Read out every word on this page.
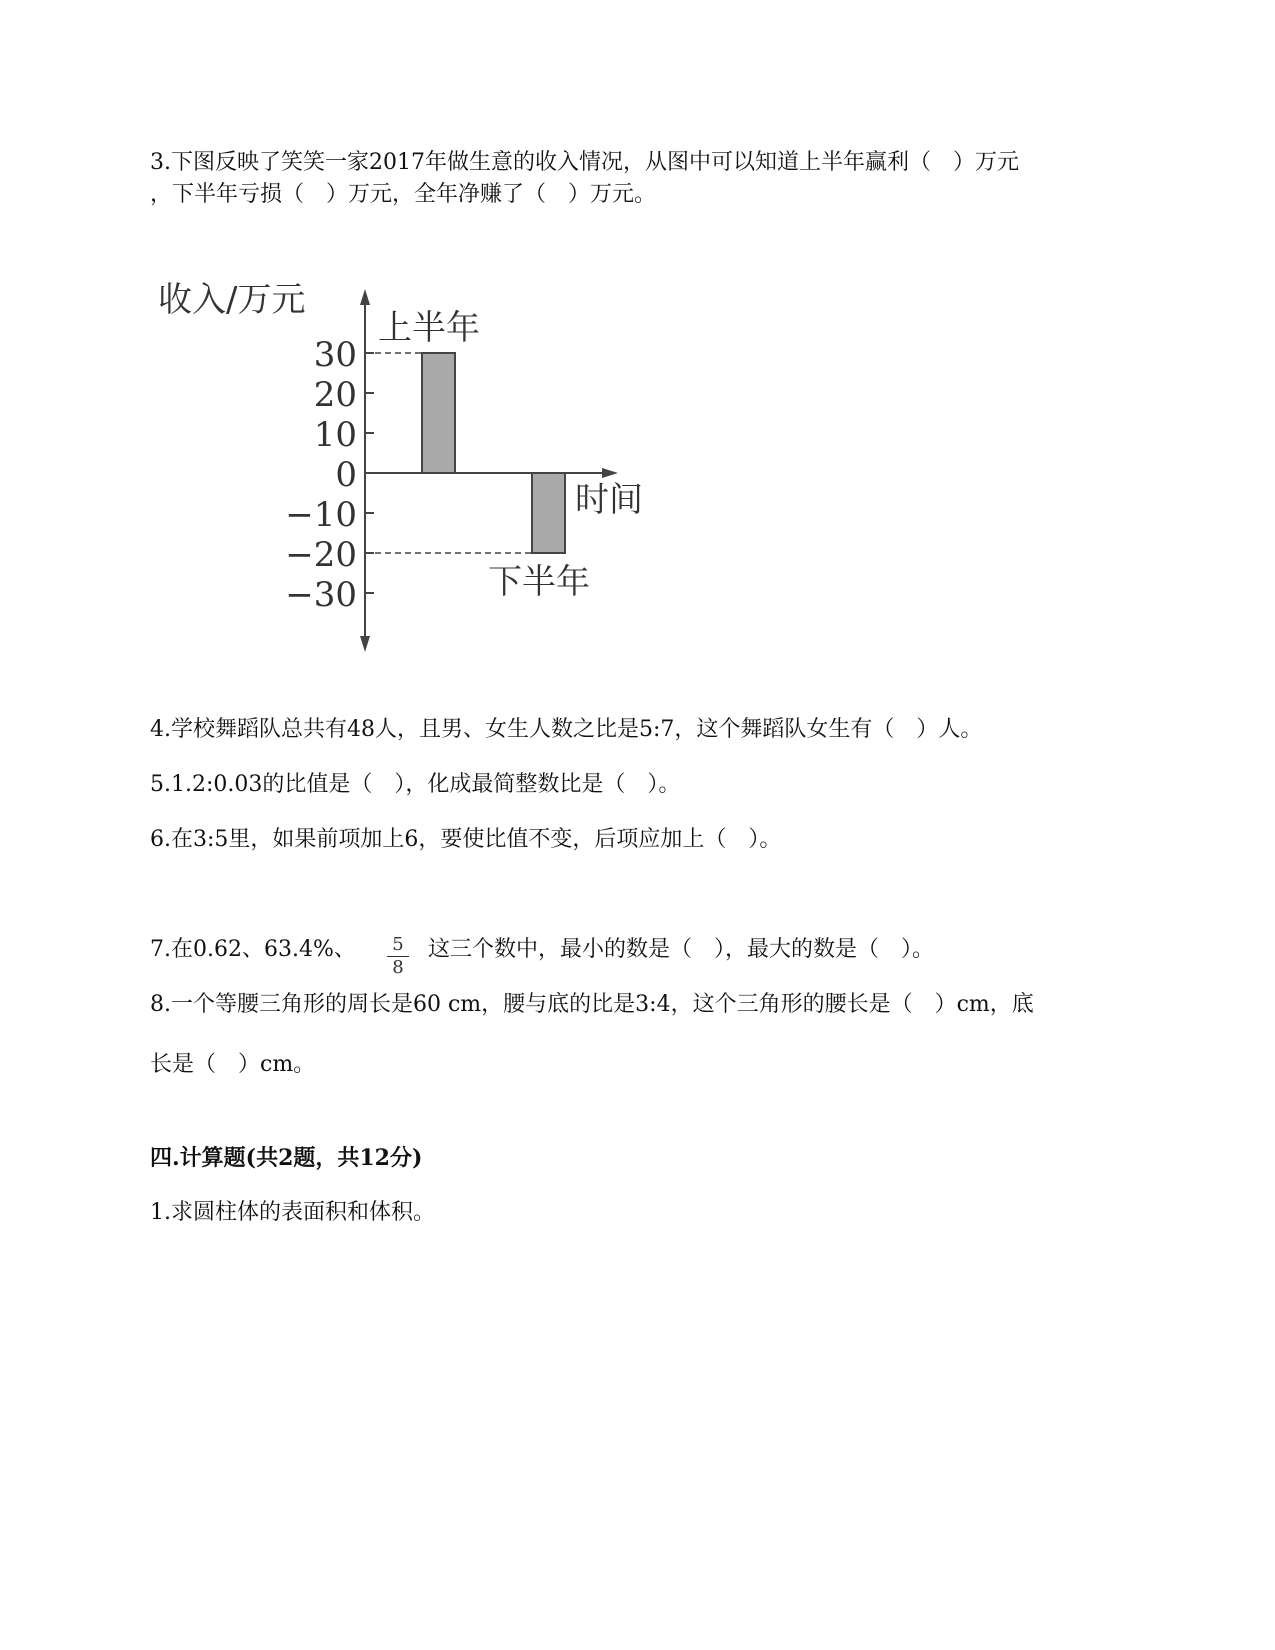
3.下图反映了笑笑一家2017年做生意的收入情况，从图中可以知道上半年赢利（　）万元
，下半年亏损（　）万元，全年净赚了（　）万元。
收入/万元
时间
30
20
10
0
−10
−20
−30
上半年
下半年
4.学校舞蹈队总共有48人，且男、女生人数之比是5:7，这个舞蹈队女生有（　）人。
5.1.2:0.03的比值是（　），化成最简整数比是（　）。
6.在3:5里，如果前项加上6，要使比值不变，后项应加上（　）。
7.在0.62、63.4%、	5
8
这三个数中，最小的数是（　），最大的数是（　）。
8.一个等腰三角形的周长是60 cm，腰与底的比是3:4，这个三角形的腰长是（　）cm，底
长是（　）cm。
四.计算题(共2题，共12分)
1.求圆柱体的表面积和体积。
